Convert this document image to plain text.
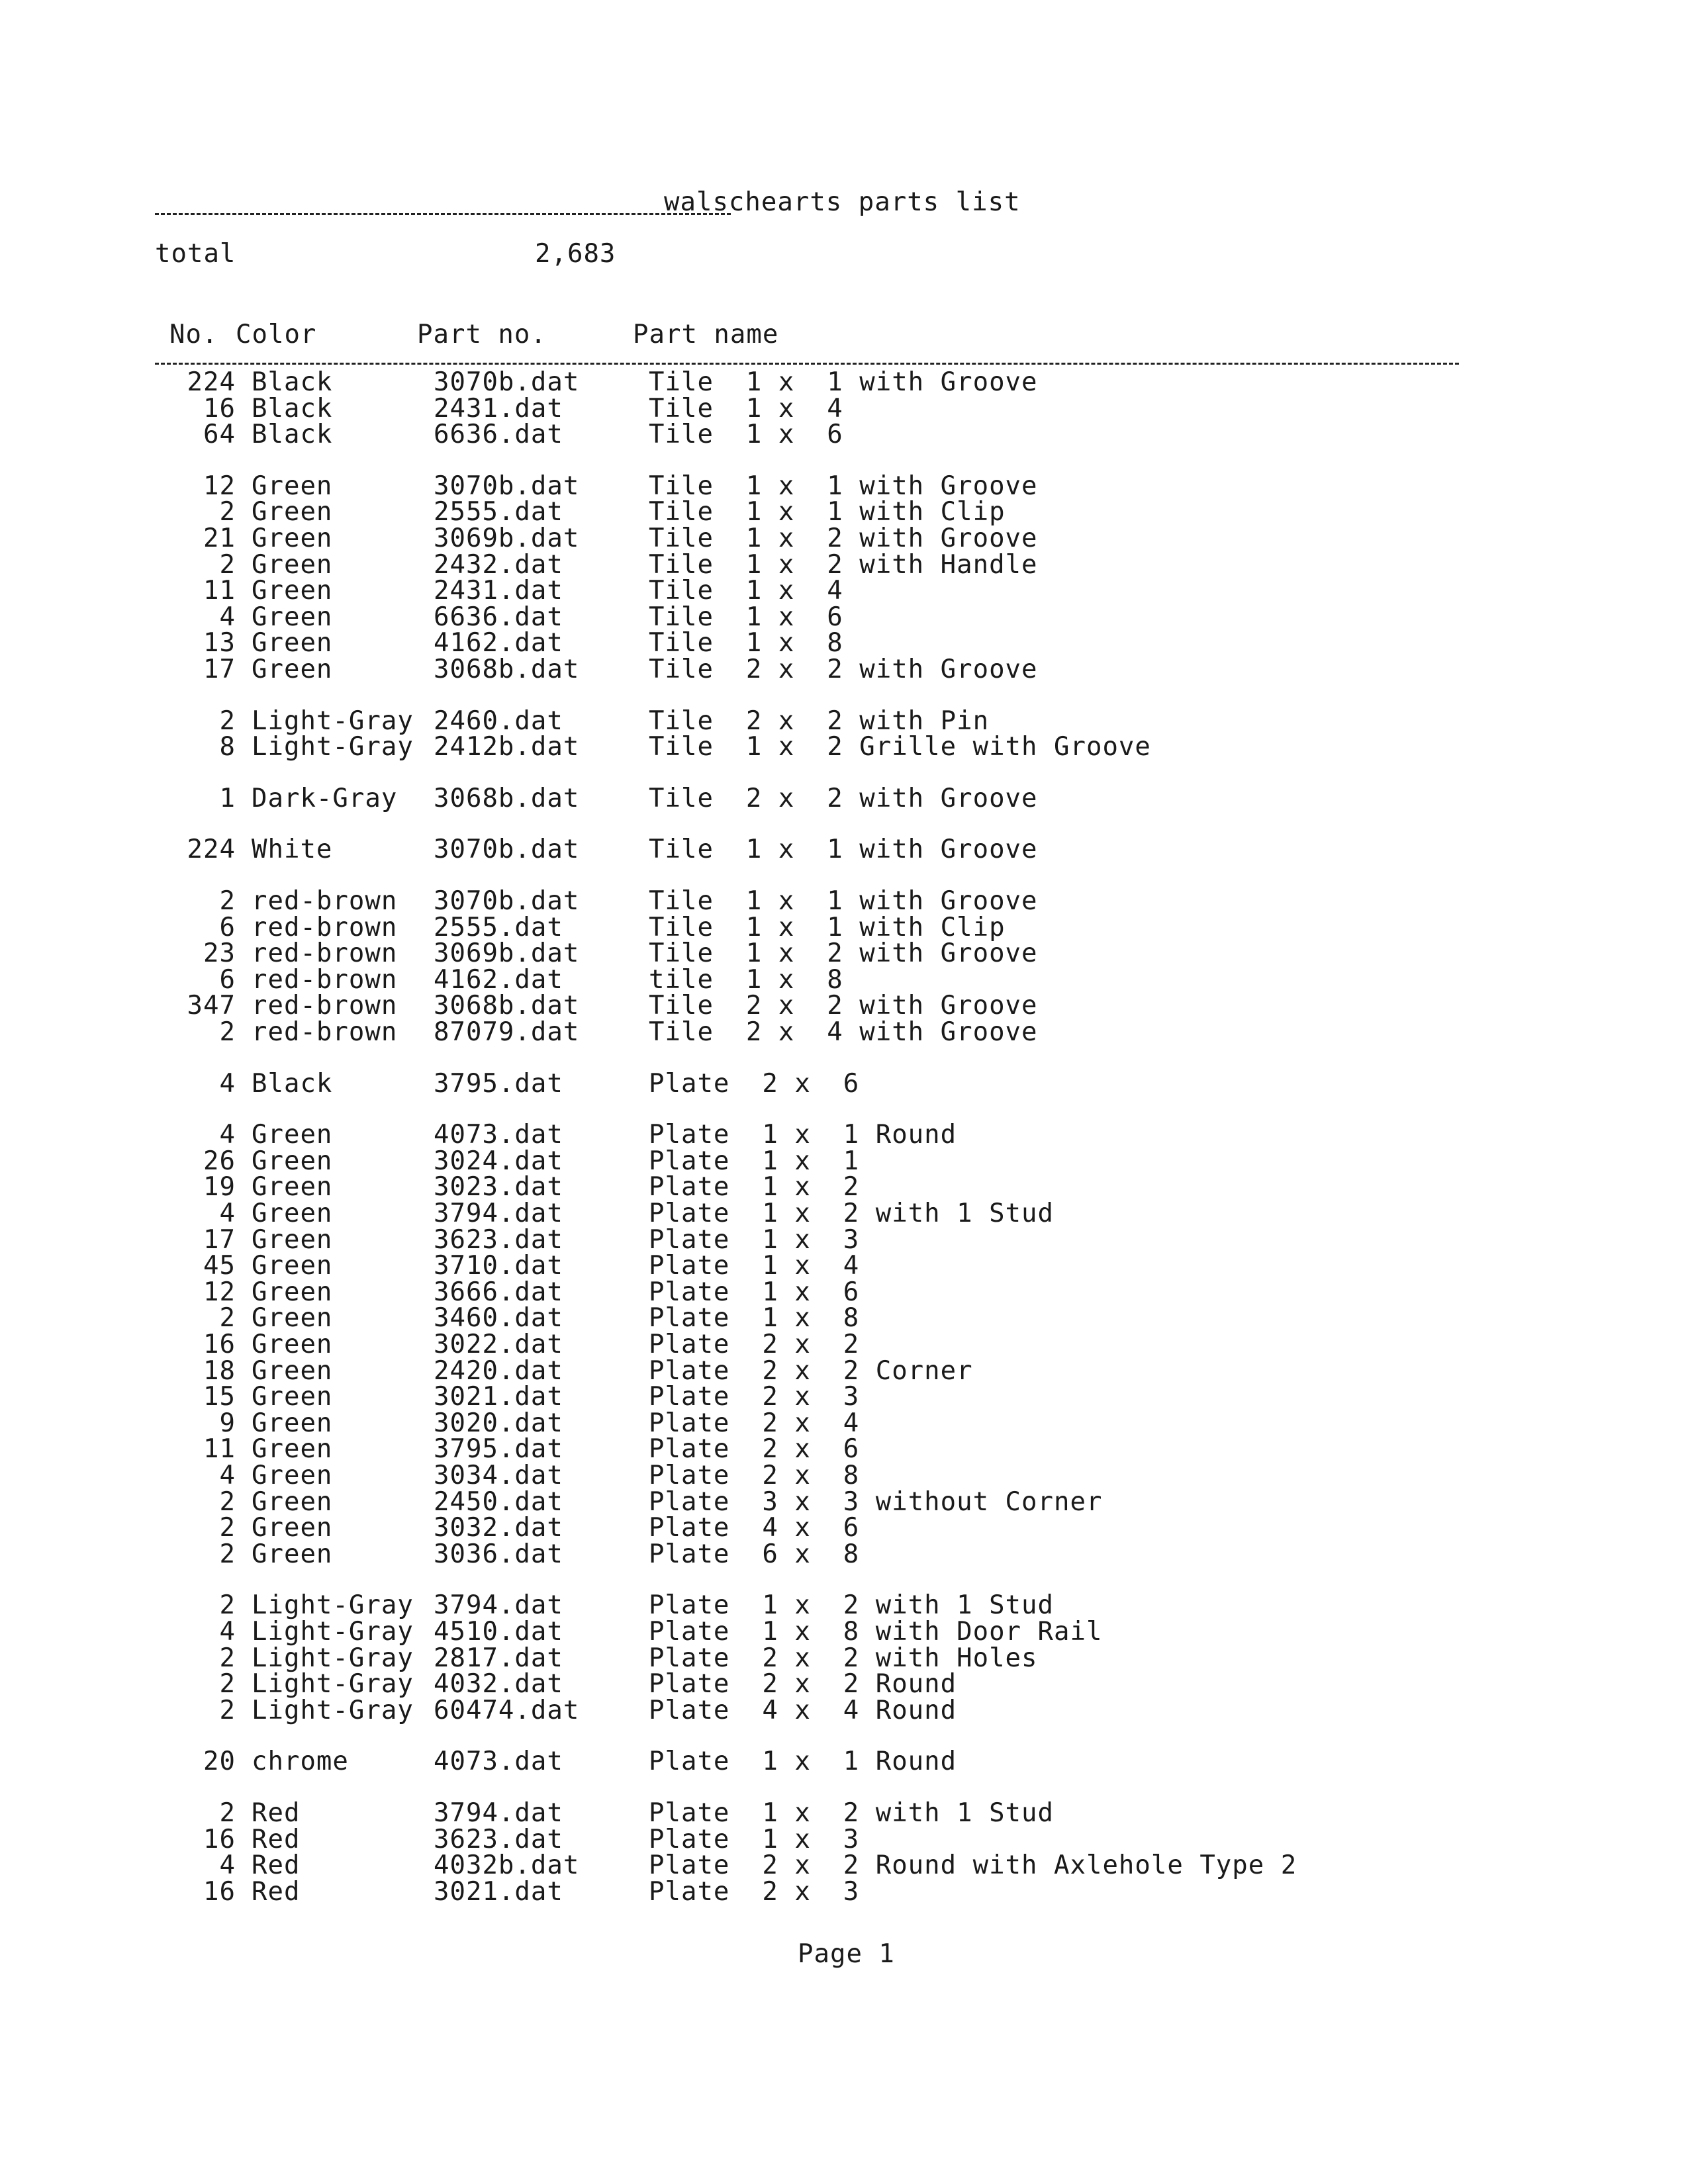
walschearts parts list
total	2,683
No. Color	Part no.	Part name
224 Black	3070b.dat	Tile  1 x  1 with Groove
16 Black	2431.dat	Tile  1 x  4
64 Black	6636.dat	Tile  1 x  6
12 Green	3070b.dat	Tile  1 x  1 with Groove
2 Green	2555.dat	Tile  1 x  1 with Clip
21 Green	3069b.dat	Tile  1 x  2 with Groove
2 Green	2432.dat	Tile  1 x  2 with Handle
11 Green	2431.dat	Tile  1 x  4
4 Green	6636.dat	Tile  1 x  6
13 Green	4162.dat	Tile  1 x  8
17 Green	3068b.dat	Tile  2 x  2 with Groove
2 Light-Gray 2460.dat	Tile  2 x  2 with Pin
8 Light-Gray 2412b.dat	Tile  1 x  2 Grille with Groove
1 Dark-Gray 3068b.dat	Tile  2 x  2 with Groove
224 White	3070b.dat	Tile  1 x  1 with Groove
2 red-brown 3070b.dat	Tile  1 x  1 with Groove
6 red-brown 2555.dat	Tile  1 x  1 with Clip
23 red-brown 3069b.dat	Tile  1 x  2 with Groove
6 red-brown 4162.dat	tile  1 x  8
347 red-brown 3068b.dat	Tile  2 x  2 with Groove
2 red-brown 87079.dat	Tile  2 x  4 with Groove
4 Black	3795.dat	Plate  2 x  6
4 Green	4073.dat	Plate  1 x  1 Round
26 Green	3024.dat	Plate  1 x  1
19 Green	3023.dat	Plate  1 x  2
4 Green	3794.dat	Plate  1 x  2 with 1 Stud
17 Green	3623.dat	Plate  1 x  3
45 Green	3710.dat	Plate  1 x  4
12 Green	3666.dat	Plate  1 x  6
2 Green	3460.dat	Plate  1 x  8
16 Green	3022.dat	Plate  2 x  2
18 Green	2420.dat	Plate  2 x  2 Corner
15 Green	3021.dat	Plate  2 x  3
9 Green	3020.dat	Plate  2 x  4
11 Green	3795.dat	Plate  2 x  6
4 Green	3034.dat	Plate  2 x  8
2 Green	2450.dat	Plate  3 x  3 without Corner
2 Green	3032.dat	Plate  4 x  6
2 Green	3036.dat	Plate  6 x  8
2 Light-Gray 3794.dat	Plate  1 x  2 with 1 Stud
4 Light-Gray 4510.dat	Plate  1 x  8 with Door Rail
2 Light-Gray 2817.dat	Plate  2 x  2 with Holes
2 Light-Gray 4032.dat	Plate  2 x  2 Round
2 Light-Gray 60474.dat	Plate  4 x  4 Round
20 chrome	4073.dat	Plate  1 x  1 Round
2 Red	3794.dat	Plate  1 x  2 with 1 Stud
16 Red	3623.dat	Plate  1 x  3
4 Red	4032b.dat	Plate  2 x  2 Round with Axlehole Type 2
16 Red	3021.dat	Plate  2 x  3
Page 1
